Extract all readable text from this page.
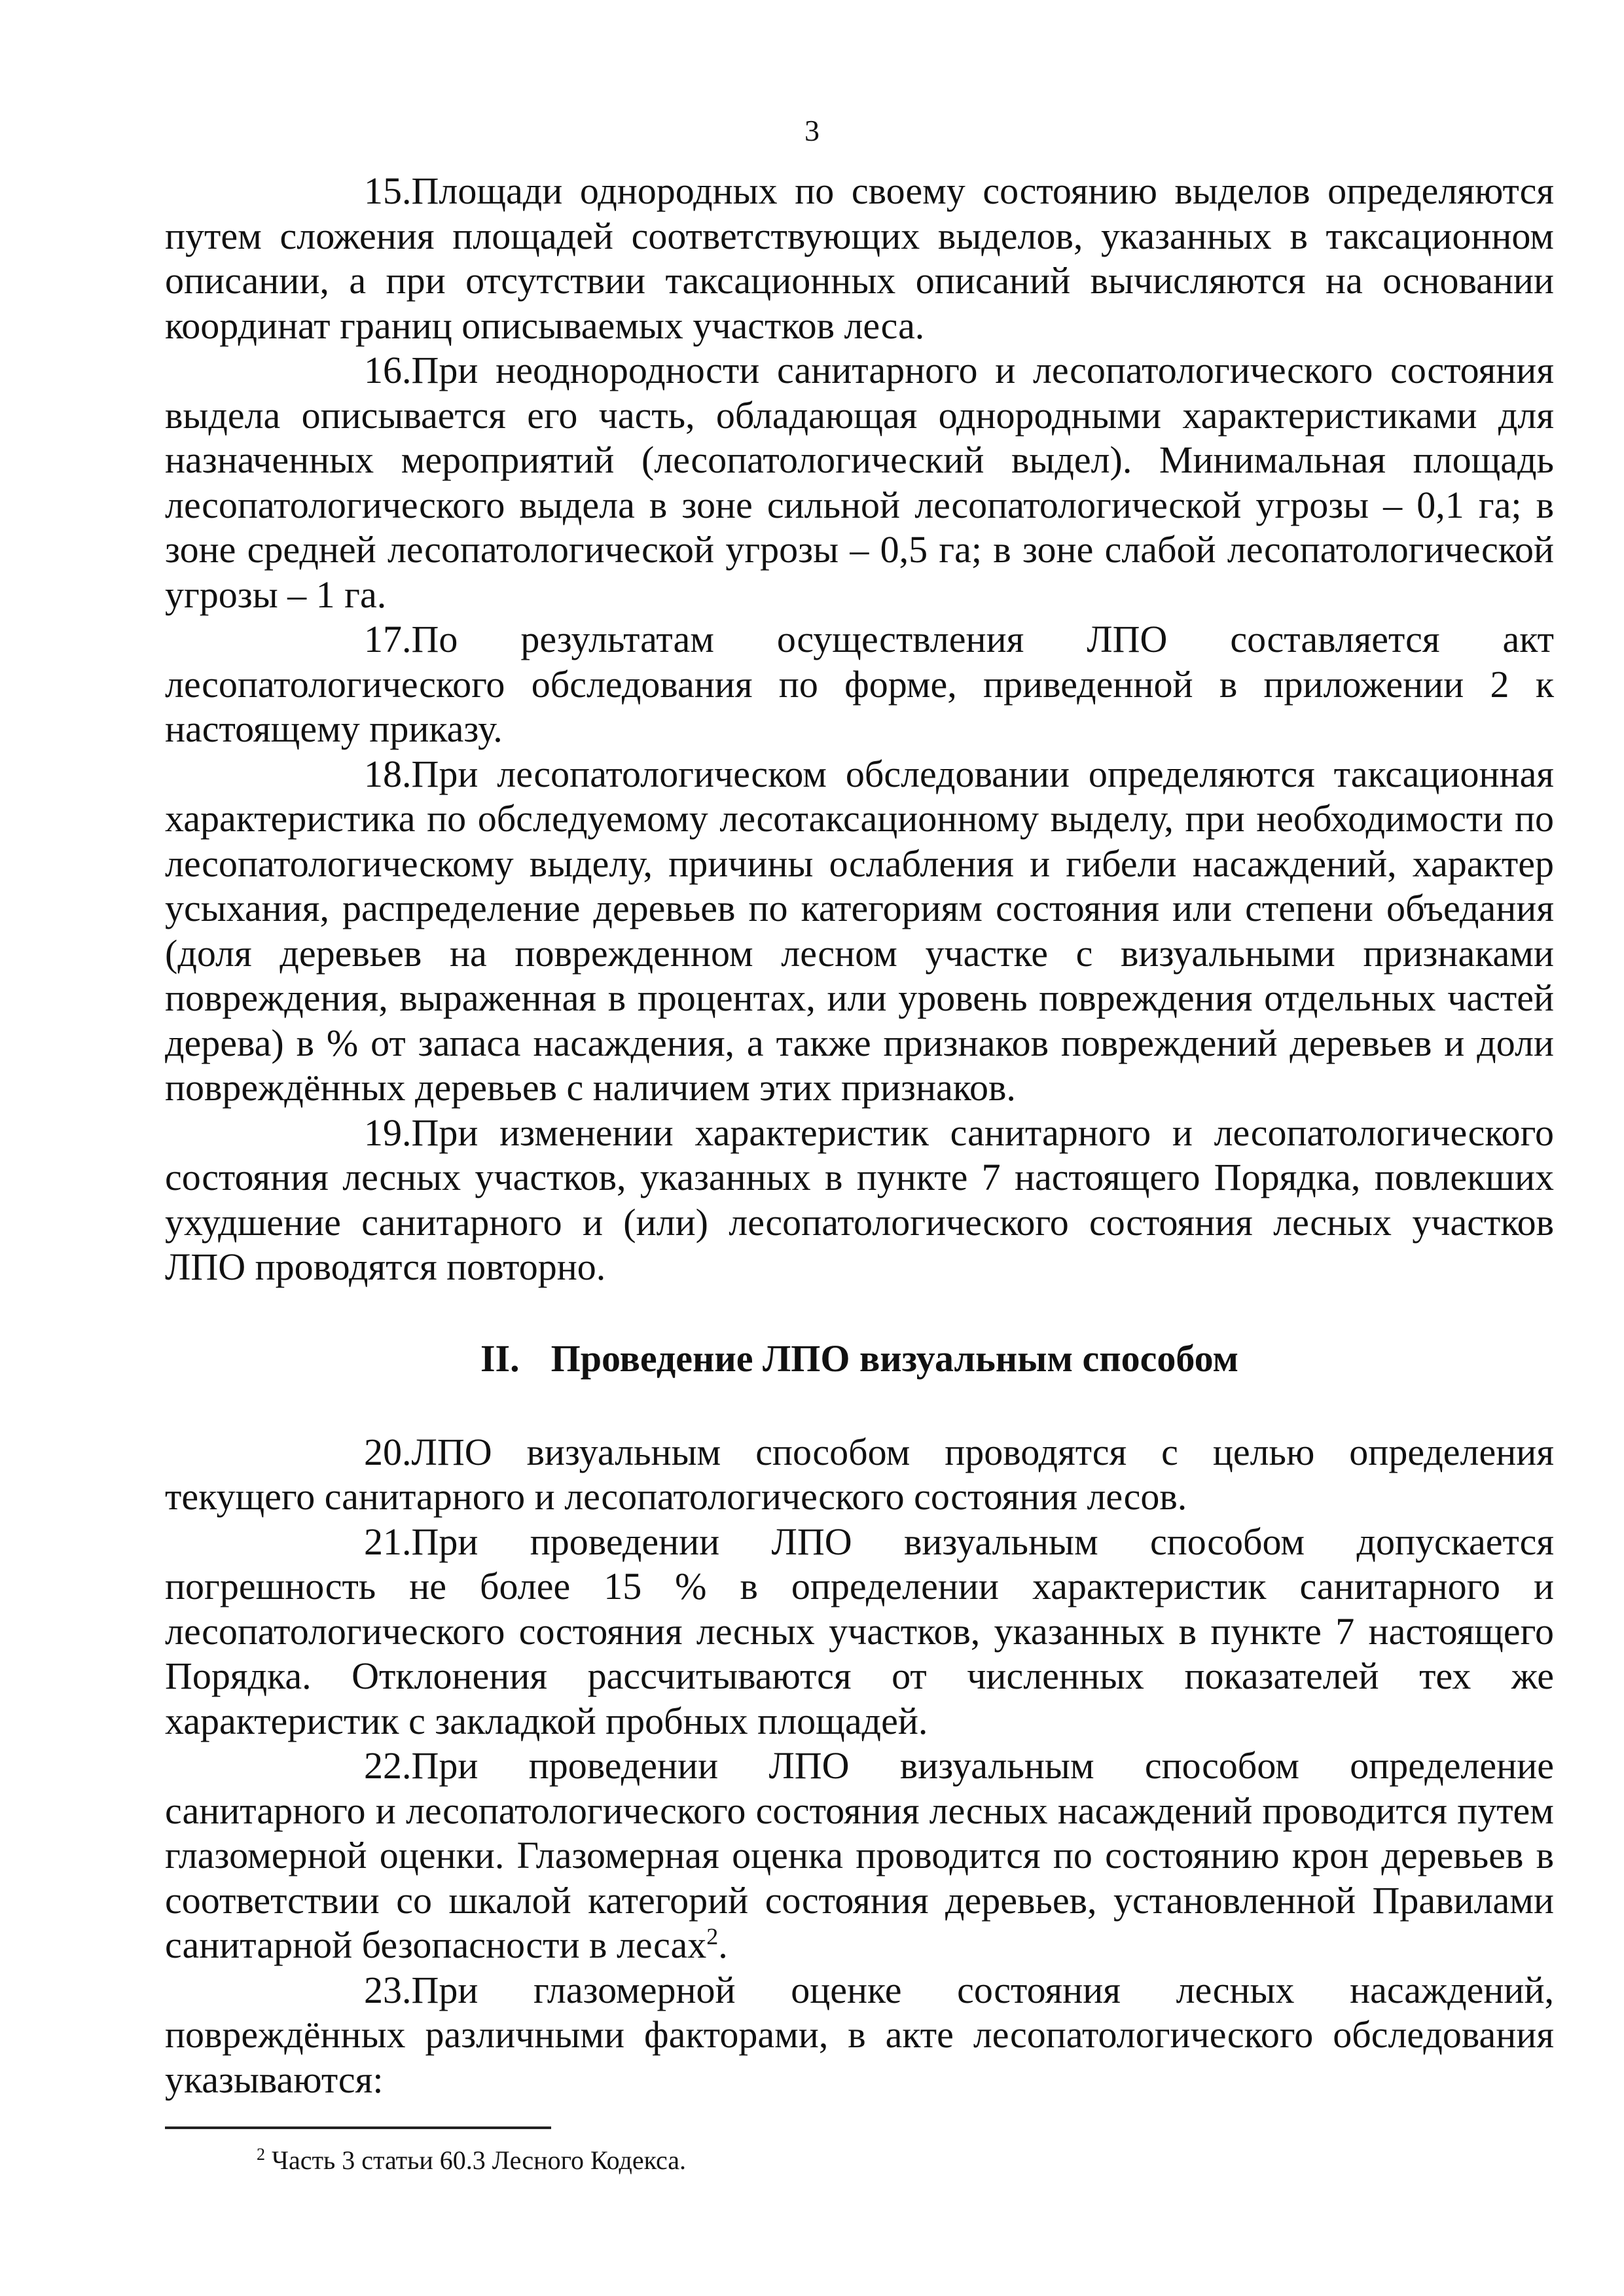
3

15.Площади однородных по своему состоянию выделов определяются путем сложения площадей соответствующих выделов, указанных в таксационном описании, а при отсутствии таксационных описаний вычисляются на основании координат границ описываемых участков леса.

16.При неоднородности санитарного и лесопатологического состояния выдела описывается его часть, обладающая однородными характеристиками для назначенных мероприятий (лесопатологический выдел). Минимальная площадь лесопатологического выдела в зоне сильной лесопатологической угрозы – 0,1 га; в зоне средней лесопатологической угрозы – 0,5 га; в зоне слабой лесопатологической угрозы – 1 га.

17.По результатам осуществления ЛПО составляется акт лесопатологического обследования по форме, приведенной в приложении 2 к настоящему приказу.

18.При лесопатологическом обследовании определяются таксационная характеристика по обследуемому лесотаксационному выделу, при необходимости по лесопатологическому выделу, причины ослабления и гибели насаждений, характер усыхания, распределение деревьев по категориям состояния или степени объедания (доля деревьев на поврежденном лесном участке с визуальными признаками повреждения, выраженная в процентах, или уровень повреждения отдельных частей дерева) в % от запаса насаждения, а также признаков повреждений деревьев и доли повреждённых деревьев с наличием этих признаков.

19.При изменении характеристик санитарного и лесопатологического состояния лесных участков, указанных в пункте 7 настоящего Порядка, повлекших ухудшение санитарного и (или) лесопатологического состояния лесных участков ЛПО проводятся повторно.

II. Проведение ЛПО визуальным способом

20.ЛПО визуальным способом проводятся с целью определения текущего санитарного и лесопатологического состояния лесов.

21.При проведении ЛПО визуальным способом допускается погрешность не более 15 % в определении характеристик санитарного и лесопатологического состояния лесных участков, указанных в пункте 7 настоящего Порядка. Отклонения рассчитываются от численных показателей тех же характеристик с закладкой пробных площадей.

22.При проведении ЛПО визуальным способом определение санитарного и лесопатологического состояния лесных насаждений проводится путем глазомерной оценки. Глазомерная оценка проводится по состоянию крон деревьев в соответствии со шкалой категорий состояния деревьев, установленной Правилами санитарной безопасности в лесах$^2$.

23.При глазомерной оценке состояния лесных насаждений, повреждённых различными факторами, в акте лесопатологического обследования указываются:

$^2$ Часть 3 статьи 60.3 Лесного Кодекса.
